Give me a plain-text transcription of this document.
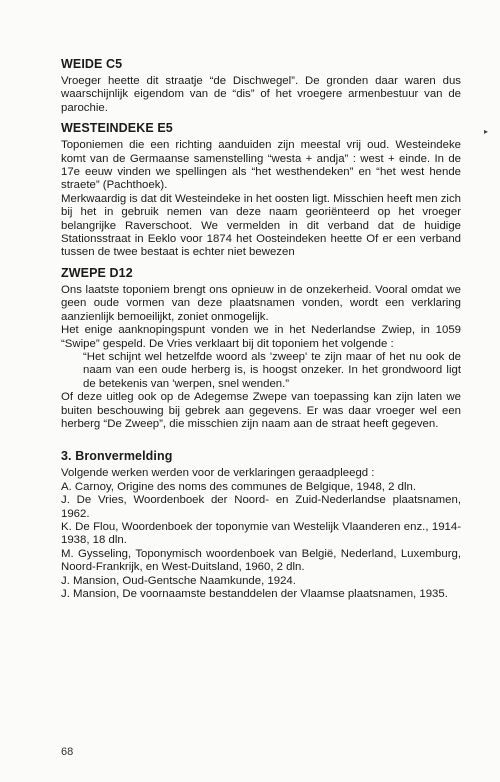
WEIDE C5

Vroeger heette dit straatje “de Dischwegel”. De gronden daar waren dus waarschijnlijk eigendom van de “dis” of het vroegere armenbestuur van de parochie.

WESTEINDEKE E5

Toponiemen die een richting aanduiden zijn meestal vrij oud. Westeindeke komt van de Germaanse samenstelling “westa + andja” : west + einde. In de 17e eeuw vinden we spellingen als “het westhendeken” en “het west hende straete” (Pachthoek).

Merkwaardig is dat dit Westeindeke in het oosten ligt. Misschien heeft men zich bij het in gebruik nemen van deze naam georiënteerd op het vroeger belangrijke Raverschoot. We vermelden in dit verband dat de huidige Stationsstraat in Eeklo voor 1874 het Oosteindeken heette Of er een verband tussen de twee bestaat is echter niet bewezen

ZWEPE D12

Ons laatste toponiem brengt ons opnieuw in de onzekerheid. Vooral omdat we geen oude vormen van deze plaatsnamen vonden, wordt een verklaring aanzienlijk bemoeilijkt, zoniet onmogelijk.

Het enige aanknopingspunt vonden we in het Nederlandse Zwiep, in 1059 “Swipe” gespeld. De Vries verklaart bij dit toponiem het volgende :

“Het schijnt wel hetzelfde woord als 'zweep' te zijn maar of het nu ook de naam van een oude herberg is, is hoogst onzeker. In het grondwoord ligt de betekenis van 'werpen, snel wenden.”

Of deze uitleg ook op de Adegemse Zwepe van toepassing kan zijn laten we buiten beschouwing bij gebrek aan gegevens. Er was daar vroeger wel een herberg “De Zweep”, die misschien zijn naam aan de straat heeft gegeven.

3. Bronvermelding

Volgende werken werden voor de verklaringen geraadpleegd :

A. Carnoy, Origine des noms des communes de Belgique, 1948, 2 dln.

J. De Vries, Woordenboek der Noord- en Zuid-Nederlandse plaatsnamen, 1962.

K. De Flou, Woordenboek der toponymie van Westelijk Vlaanderen enz., 1914-1938, 18 dln.

M. Gysseling, Toponymisch woordenboek van België, Nederland, Luxemburg, Noord-Frankrijk, en West-Duitsland, 1960, 2 dln.

J. Mansion, Oud-Gentsche Naamkunde, 1924.

J. Mansion, De voornaamste bestanddelen der Vlaamse plaatsnamen, 1935.

▸
68
